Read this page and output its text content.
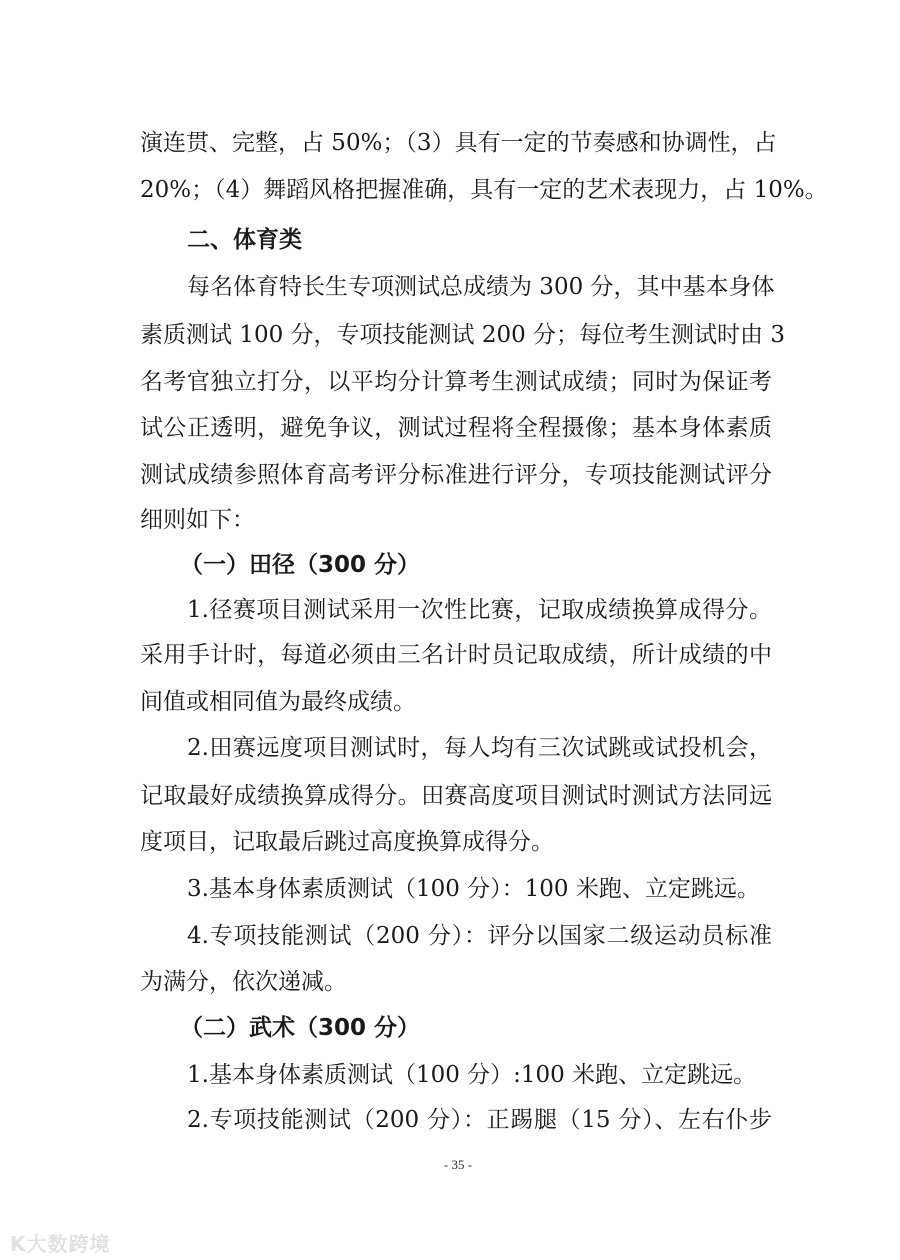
演连贯、完整，占 50%；（3）具有一定的节奏感和协调性，占
20%；（4）舞蹈风格把握准确，具有一定的艺术表现力，占 10%。
二、体育类
每名体育特长生专项测试总成绩为 300 分，其中基本身体
素质测试 100 分，专项技能测试 200 分；每位考生测试时由 3
名考官独立打分，以平均分计算考生测试成绩；同时为保证考
试公正透明，避免争议，测试过程将全程摄像；基本身体素质
测试成绩参照体育高考评分标准进行评分，专项技能测试评分
细则如下：
（一）田径（300 分）
1.径赛项目测试采用一次性比赛，记取成绩换算成得分。
采用手计时，每道必须由三名计时员记取成绩，所计成绩的中
间值或相同值为最终成绩。
2.田赛远度项目测试时，每人均有三次试跳或试投机会，
记取最好成绩换算成得分。田赛高度项目测试时测试方法同远
度项目，记取最后跳过高度换算成得分。
3.基本身体素质测试（100 分）：100 米跑、立定跳远。
4.专项技能测试（200 分）：评分以国家二级运动员标准
为满分，依次递减。
（二）武术（300 分）
1.基本身体素质测试（100 分）:100 米跑、立定跳远。
2.专项技能测试（200 分）：正踢腿（15 分）、左右仆步
- 35 -
K大数跨境
